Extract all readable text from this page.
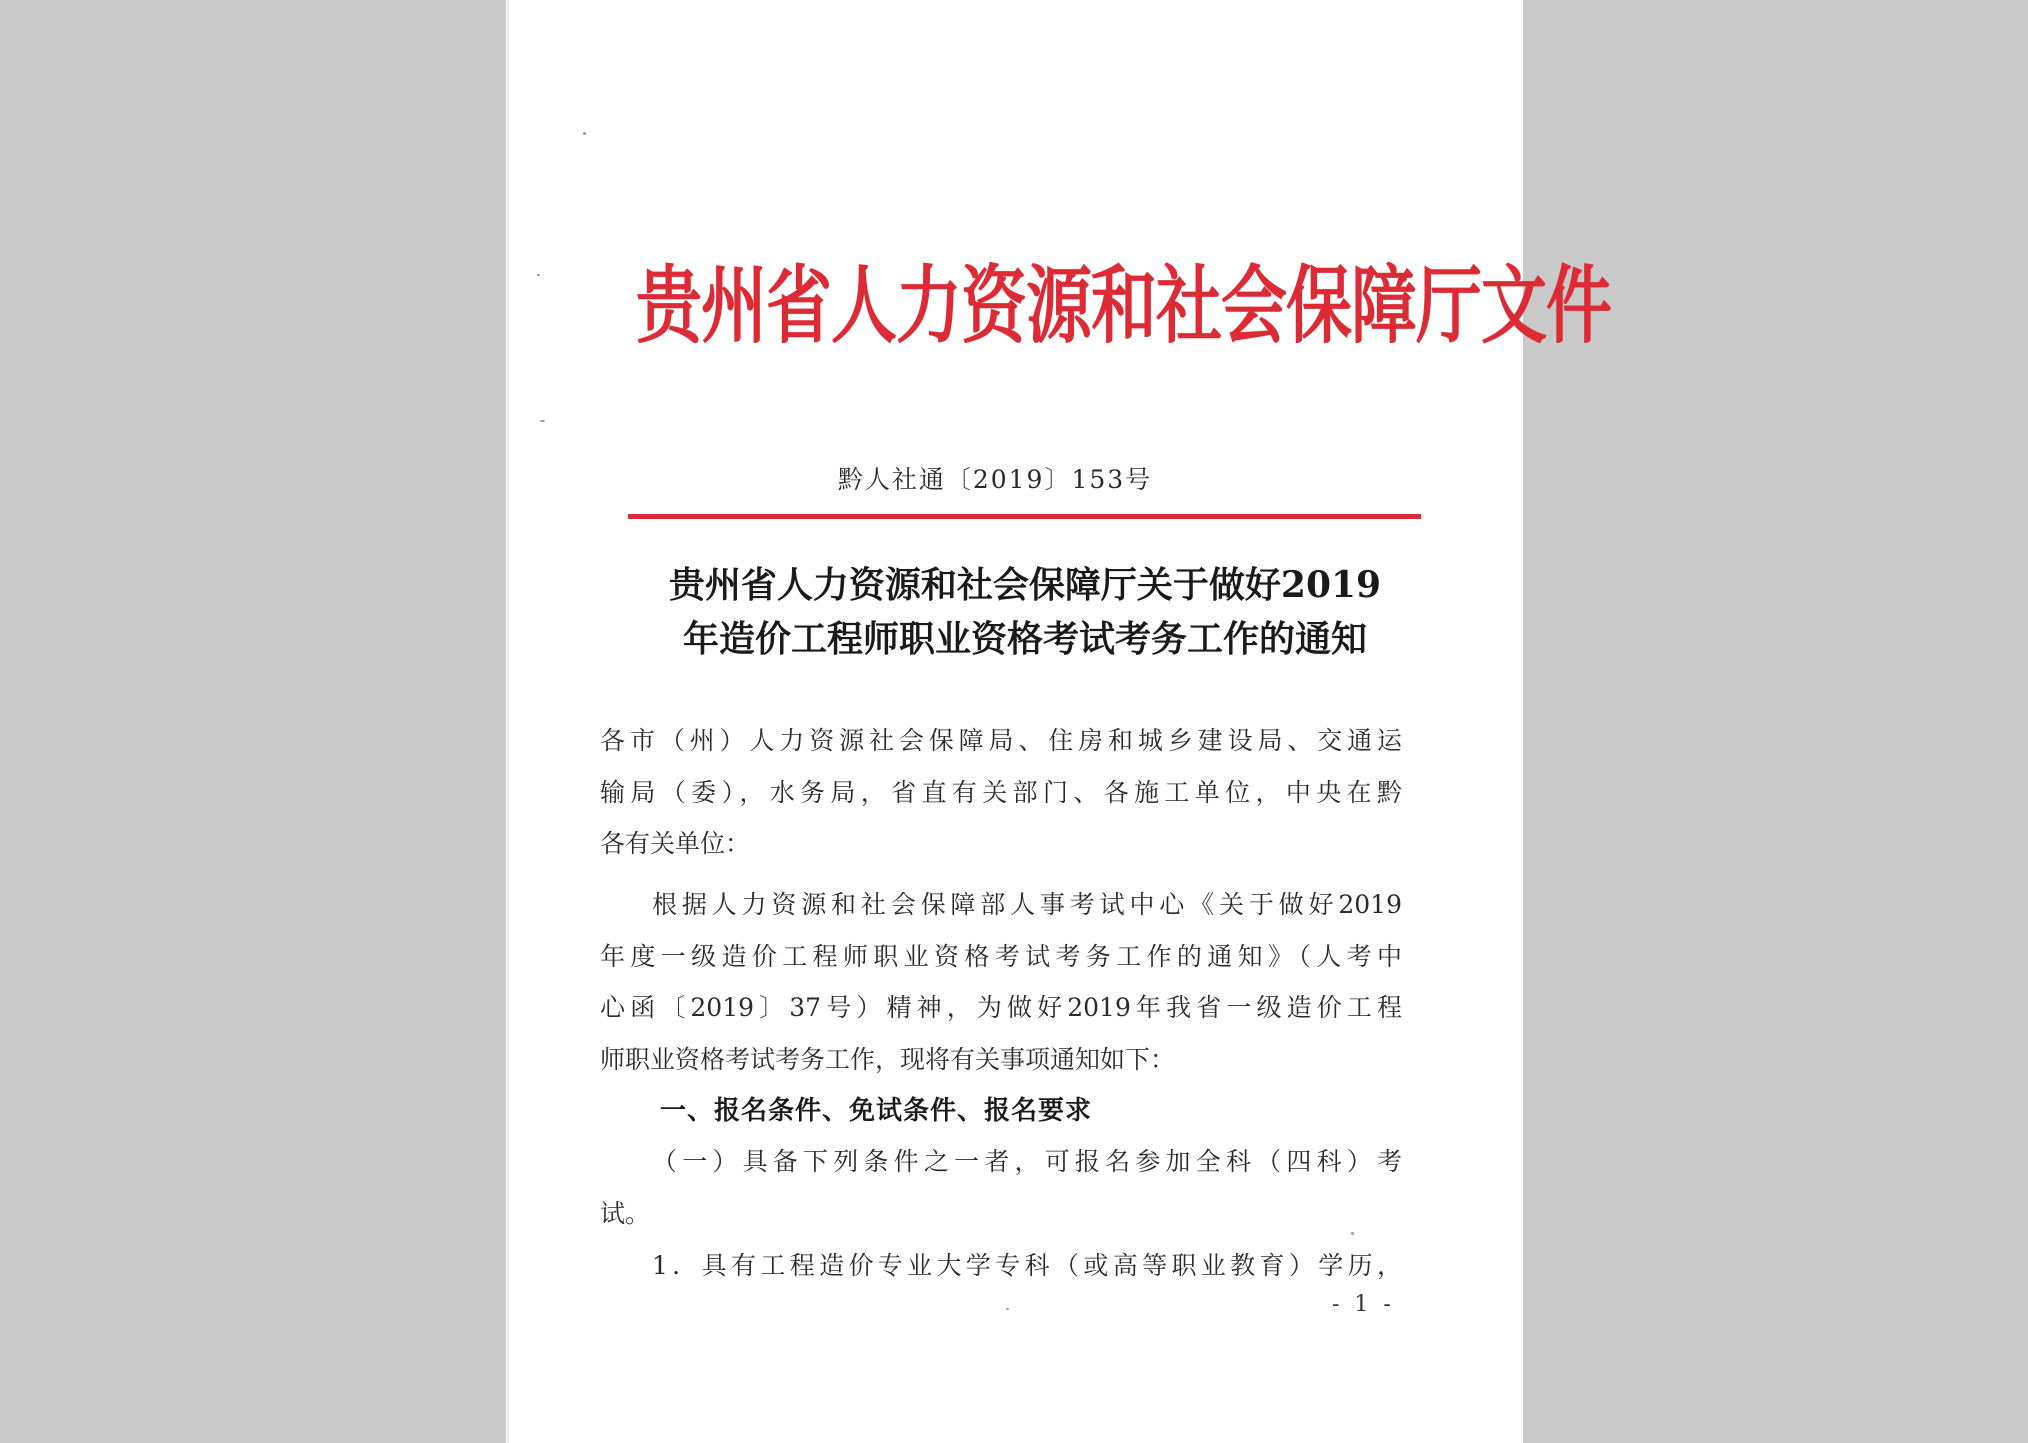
贵州省人力资源和社会保障厅文件
黔人社通〔2019〕153号
贵州省人力资源和社会保障厅关于做好2019
年造价工程师职业资格考试考务工作的通知
各市（州）人力资源社会保障局、住房和城乡建设局、交通运
输局（委），水务局，省直有关部门、各施工单位，中央在黔
各有关单位：
根据人力资源和社会保障部人事考试中心《关于做好2019
年度一级造价工程师职业资格考试考务工作的通知》（人考中
心函〔2019〕37号）精神，为做好2019年我省一级造价工程
师职业资格考试考务工作，现将有关事项通知如下：
一、报名条件、免试条件、报名要求
（一）具备下列条件之一者，可报名参加全科（四科）考
试。
1．具有工程造价专业大学专科（或高等职业教育）学历，
- 1 -
